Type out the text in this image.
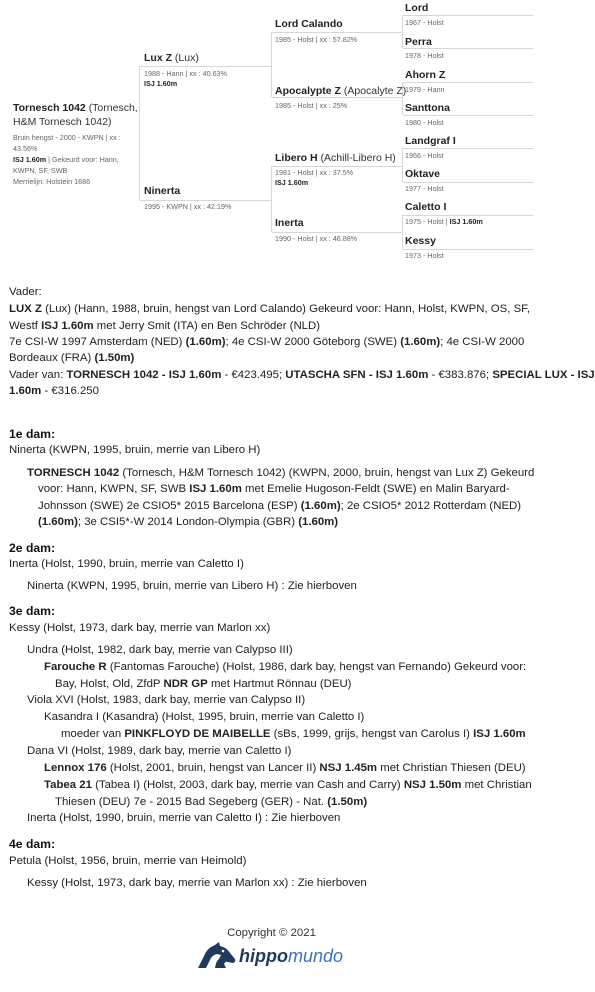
Tornesch 1042 (Tornesch,
H&M Tornesch 1042)
Bruin hengst - 2000 - KWPN | xx :
43.56%
ISJ 1.60m | Gekeurd voor: Hann,
KWPN, SF, SWB
Merrielijn: Holstein 1686
Lux Z (Lux)
1988 - Hann | xx : 40.63%
ISJ 1.60m
Ninerta
1995 - KWPN | xx : 42.19%
Lord Calando
1985 - Holst | xx : 57.82%
Apocalypte Z (Apocalyte Z)
1985 - Holst | xx : 25%
Libero H (Achill-Libero H)
1981 - Holst | xx : 37.5%
ISJ 1.60m
Inerta
1990 - Holst | xx : 46.88%
Lord
1967 - Holst
Perra
1978 - Holst
Ahorn Z
1979 - Hann
Santtona
1980 - Holst
Landgraf I
1966 - Holst
Oktave
1977 - Holst
Caletto I
1975 - Holst | ISJ 1.60m
Kessy
1973 - Holst
Vader:
LUX Z (Lux) (Hann, 1988, bruin, hengst van Lord Calando) Gekeurd voor: Hann, Holst, KWPN, OS, SF,
Westf ISJ 1.60m met Jerry Smit (ITA) en Ben Schröder (NLD)
7e CSI-W 1997 Amsterdam (NED) (1.60m); 4e CSI-W 2000 Göteborg (SWE) (1.60m); 4e CSI-W 2000
Bordeaux (FRA) (1.50m)
Vader van: TORNESCH 1042 - ISJ 1.60m - €423.495; UTASCHA SFN - ISJ 1.60m - €383.876; SPECIAL LUX - ISJ
1.60m - €316.250
1e dam:
Ninerta (KWPN, 1995, bruin, merrie van Libero H)
TORNESCH 1042 (Tornesch, H&M Tornesch 1042) (KWPN, 2000, bruin, hengst van Lux Z) Gekeurd
voor: Hann, KWPN, SF, SWB ISJ 1.60m met Emelie Hugoson-Feldt (SWE) en Malin Baryard-
Johnsson (SWE) 2e CSIO5* 2015 Barcelona (ESP) (1.60m); 2e CSIO5* 2012 Rotterdam (NED)
(1.60m); 3e CSI5*-W 2014 London-Olympia (GBR) (1.60m)
2e dam:
Inerta (Holst, 1990, bruin, merrie van Caletto I)
Ninerta (KWPN, 1995, bruin, merrie van Libero H) : Zie hierboven
3e dam:
Kessy (Holst, 1973, dark bay, merrie van Marlon xx)
Undra (Holst, 1982, dark bay, merrie van Calypso III)
Farouche R (Fantomas Farouche) (Holst, 1986, dark bay, hengst van Fernando) Gekeurd voor:
Bay, Holst, Old, ZfdP NDR GP met Hartmut Rönnau (DEU)
Viola XVI (Holst, 1983, dark bay, merrie van Calypso II)
Kasandra I (Kasandra) (Holst, 1995, bruin, merrie van Caletto I)
moeder van PINKFLOYD DE MAIBELLE (sBs, 1999, grijs, hengst van Carolus I) ISJ 1.60m
Dana VI (Holst, 1989, dark bay, merrie van Caletto I)
Lennox 176 (Holst, 2001, bruin, hengst van Lancer II) NSJ 1.45m met Christian Thiesen (DEU)
Tabea 21 (Tabea I) (Holst, 2003, dark bay, merrie van Cash and Carry) NSJ 1.50m met Christian
Thiesen (DEU) 7e - 2015 Bad Segeberg (GER) - Nat. (1.50m)
Inerta (Holst, 1990, bruin, merrie van Caletto I) : Zie hierboven
4e dam:
Petula (Holst, 1956, bruin, merrie van Heimold)
Kessy (Holst, 1973, dark bay, merrie van Marlon xx) : Zie hierboven
Copyright © 2021
hippomundo
